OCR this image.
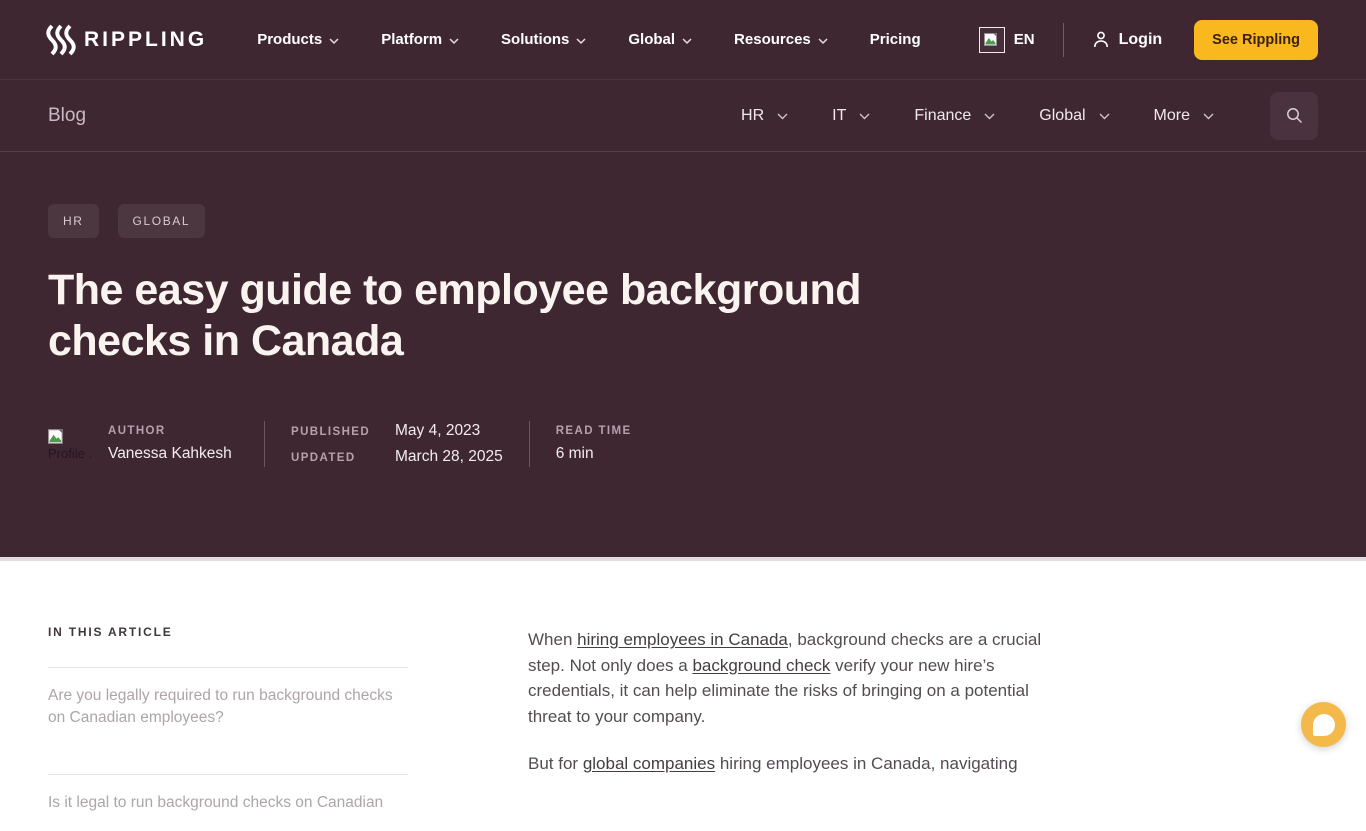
RIPPLING	Products	Platform	Solutions	Global	Resources	Pricing	EN	Login	See Rippling
Blog	HR	IT	Finance	Global	More
HR	GLOBAL
The easy guide to employee background checks in Canada
Profile .
AUTHOR
Vanessa Kahkesh
PUBLISHED	May 4, 2023
UPDATED	March 28, 2025
READ TIME
6 min
IN THIS ARTICLE
Are you legally required to run background checks on Canadian employees?
Is it legal to run background checks on Canadian

When hiring employees in Canada, background checks are a crucial step. Not only does a background check verify your new hire’s credentials, it can help eliminate the risks of bringing on a potential threat to your company.

But for global companies hiring employees in Canada, navigating
